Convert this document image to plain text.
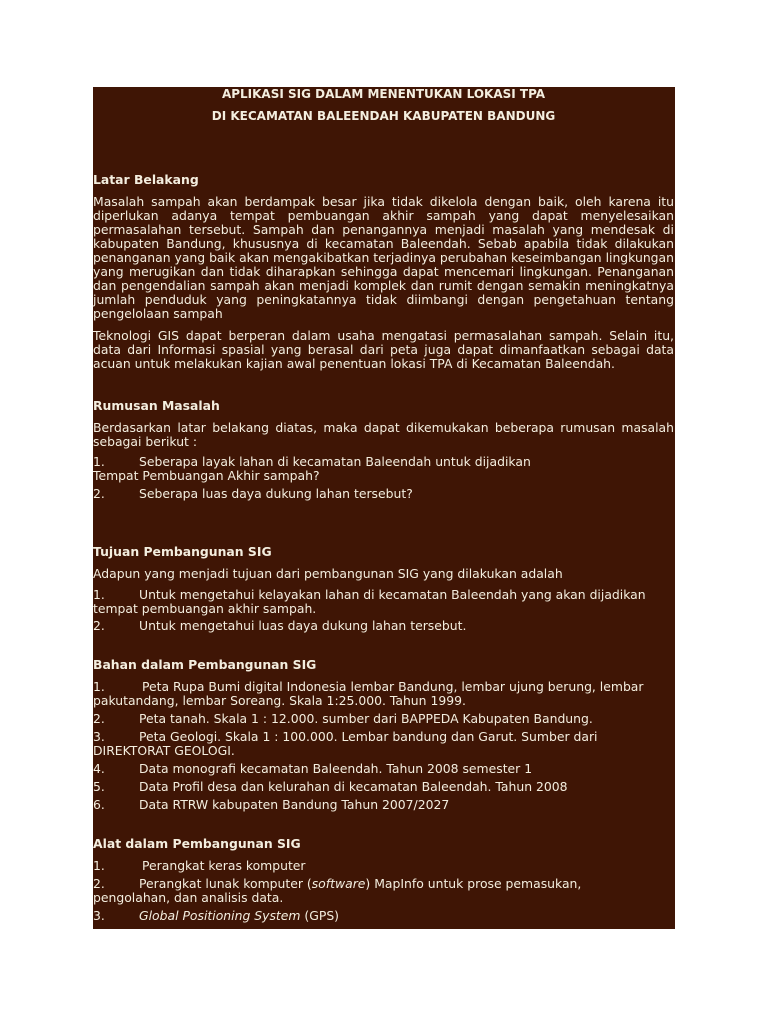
APLIKASI SIG DALAM MENENTUKAN LOKASI TPA
DI KECAMATAN BALEENDAH KABUPATEN BANDUNG
Latar Belakang

Masalah sampah akan berdampak besar jika tidak dikelola dengan baik, oleh karena itu diperlukan adanya tempat pembuangan akhir sampah yang dapat menyelesaikan permasalahan tersebut. Sampah dan penangannya menjadi masalah yang mendesak di kabupaten Bandung, khususnya di kecamatan Baleendah. Sebab apabila tidak dilakukan penanganan yang baik akan mengakibatkan terjadinya perubahan keseimbangan lingkungan yang merugikan dan tidak diharapkan sehingga dapat mencemari lingkungan. Penanganan dan pengendalian sampah akan menjadi komplek dan rumit dengan semakin meningkatnya jumlah penduduk yang peningkatannya tidak diimbangi dengan pengetahuan tentang pengelolaan sampah

Teknologi GIS dapat berperan dalam usaha mengatasi permasalahan sampah. Selain itu, data dari Informasi spasial yang berasal dari peta juga dapat dimanfaatkan sebagai data acuan untuk melakukan kajian awal penentuan lokasi TPA di Kecamatan Baleendah.

Rumusan Masalah

Berdasarkan latar belakang diatas, maka dapat dikemukakan beberapa rumusan masalah sebagai berikut :

1.	Seberapa layak lahan di kecamatan Baleendah untuk dijadikan
Tempat Pembuangan Akhir sampah?
2.	Seberapa luas daya dukung lahan tersebut?
Tujuan Pembangunan SIG

Adapun yang menjadi tujuan dari pembangunan SIG yang dilakukan adalah

1.	Untuk mengetahui kelayakan lahan di kecamatan Baleendah yang akan dijadikan
tempat pembuangan akhir sampah.
2.	Untuk mengetahui luas daya dukung lahan tersebut.
Bahan dalam Pembangunan SIG
1.	Peta Rupa Bumi digital Indonesia lembar Bandung, lembar ujung berung, lembar
pakutandang, lembar Soreang. Skala 1:25.000. Tahun 1999.
2.	Peta tanah. Skala 1 : 12.000. sumber dari BAPPEDA Kabupaten Bandung.
3.	Peta Geologi. Skala 1 : 100.000. Lembar bandung dan Garut. Sumber dari
DIREKTORAT GEOLOGI.
4.	Data monografi kecamatan Baleendah. Tahun 2008 semester 1
5.	Data Profil desa dan kelurahan di kecamatan Baleendah. Tahun 2008
6.	Data RTRW kabupaten Bandung Tahun 2007/2027
Alat dalam Pembangunan SIG
1.	Perangkat keras komputer
2.	Perangkat lunak komputer (software) MapInfo untuk prose pemasukan,
pengolahan, dan analisis data.
3.	Global Positioning System (GPS)
